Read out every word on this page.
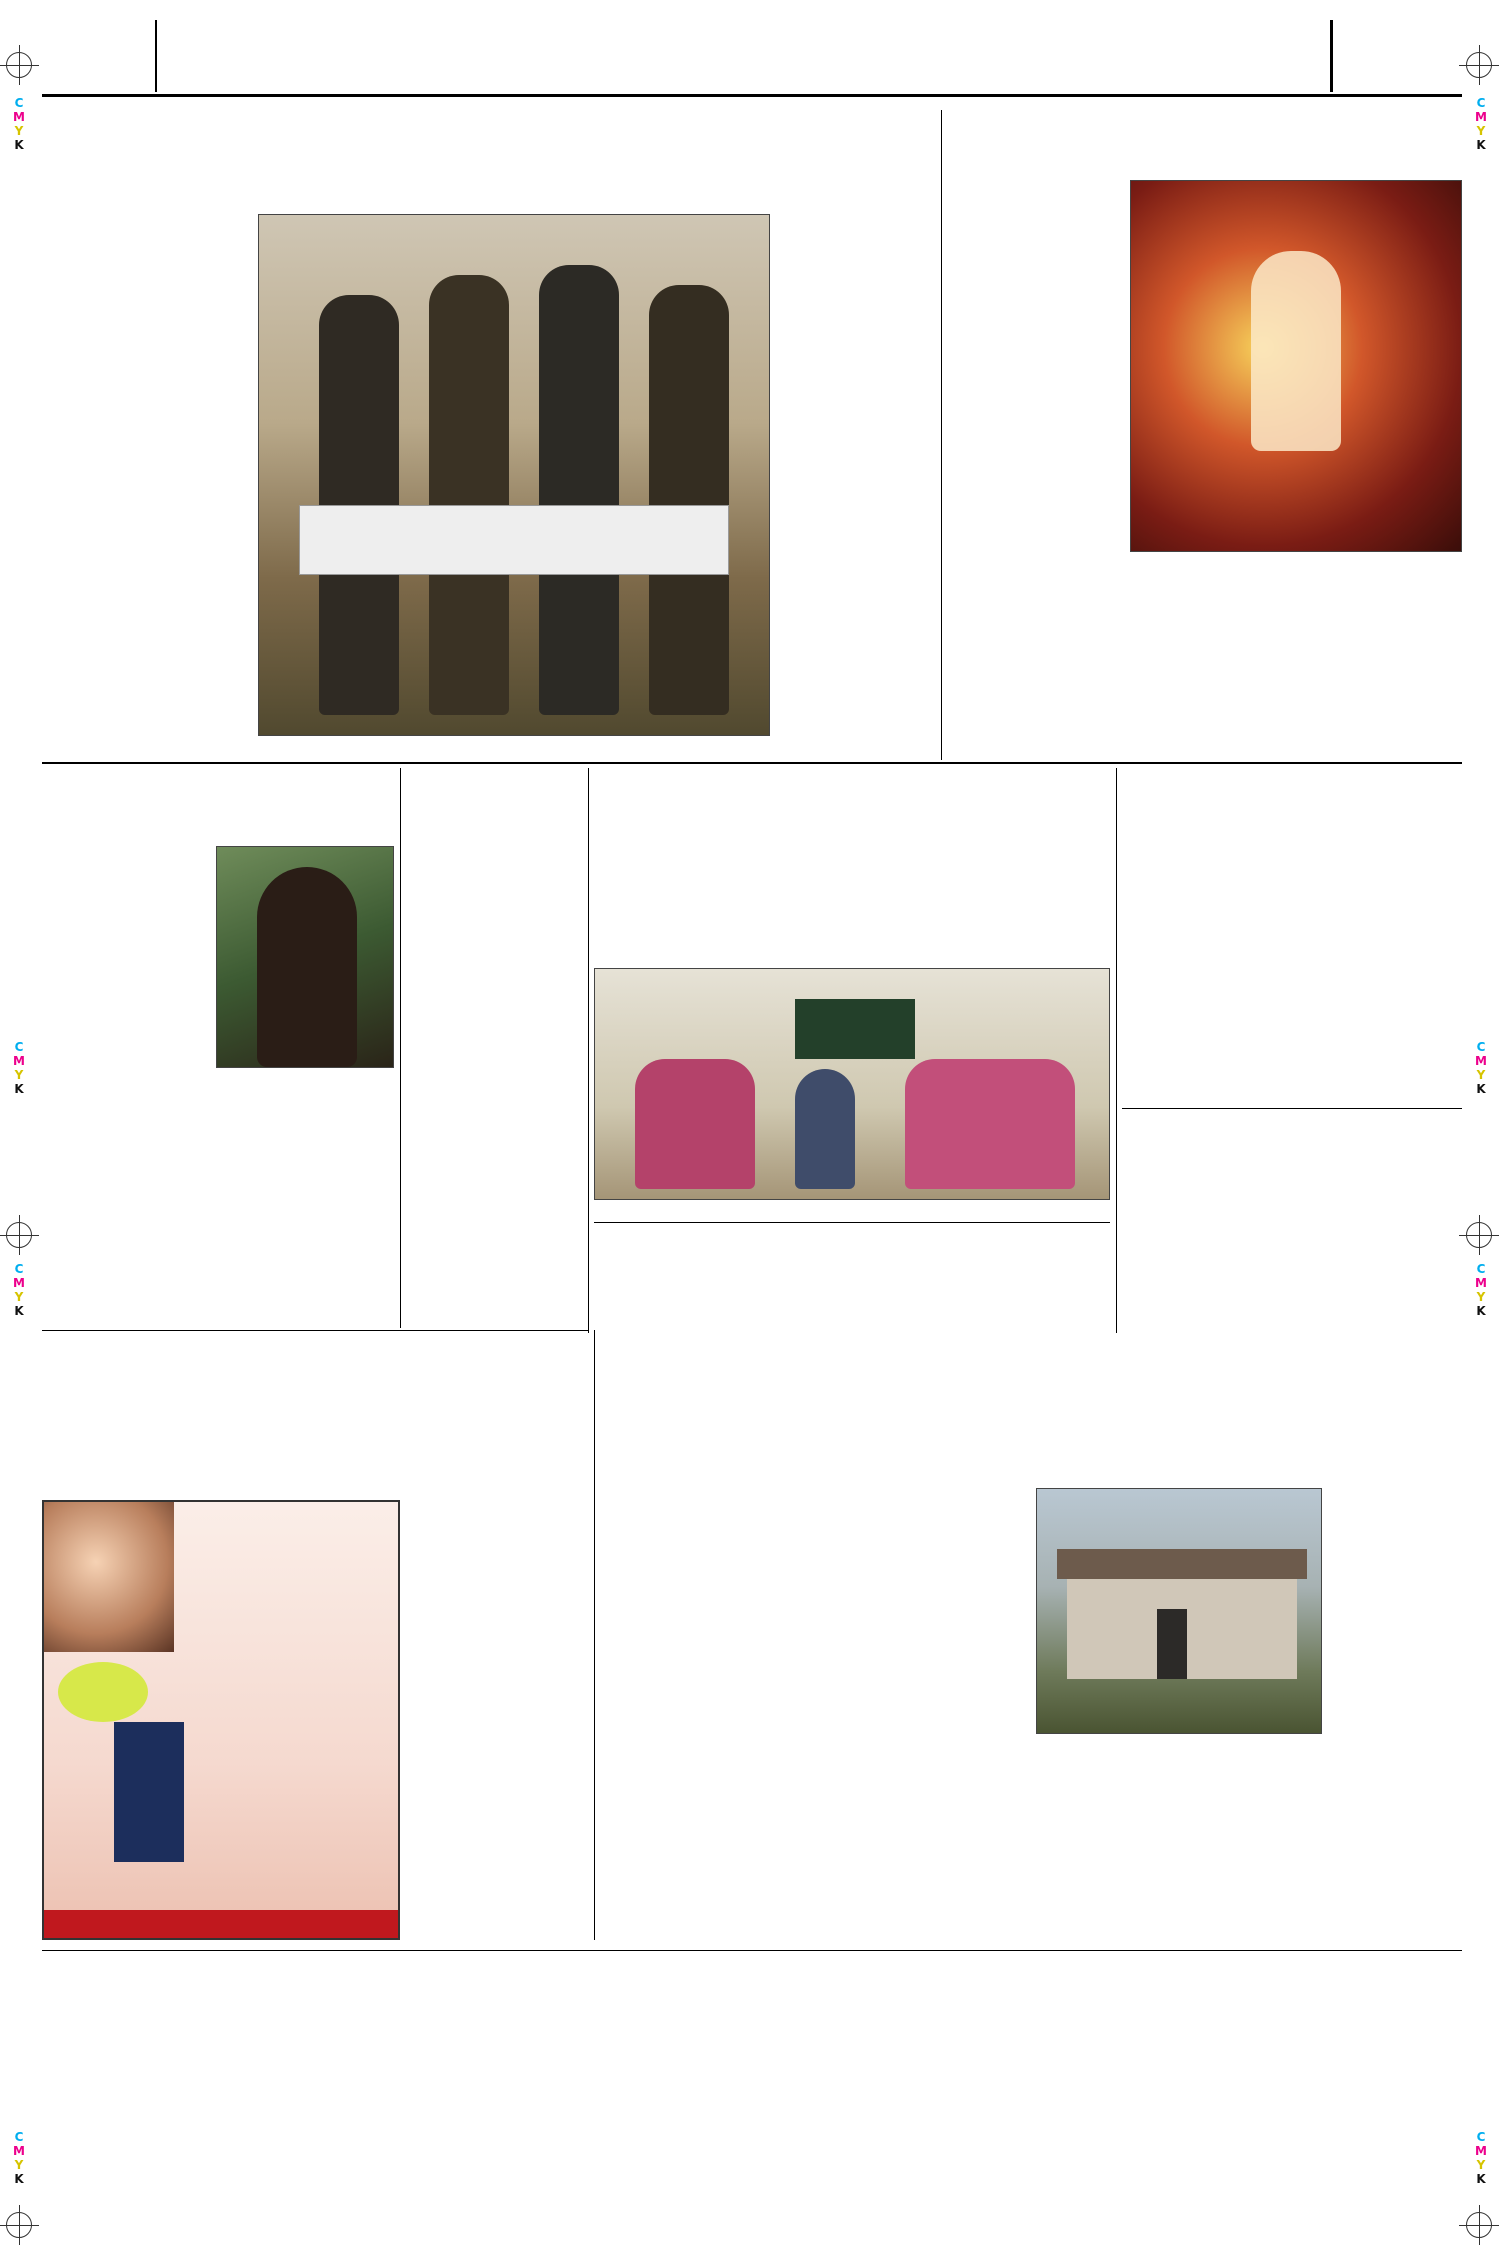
C
M
Y
K
C
M
Y
K
C
M
Y
K
C
M
Y
K
C
M
Y
K
C
M
Y
K
C
M
Y
K
C
M
Y
K
